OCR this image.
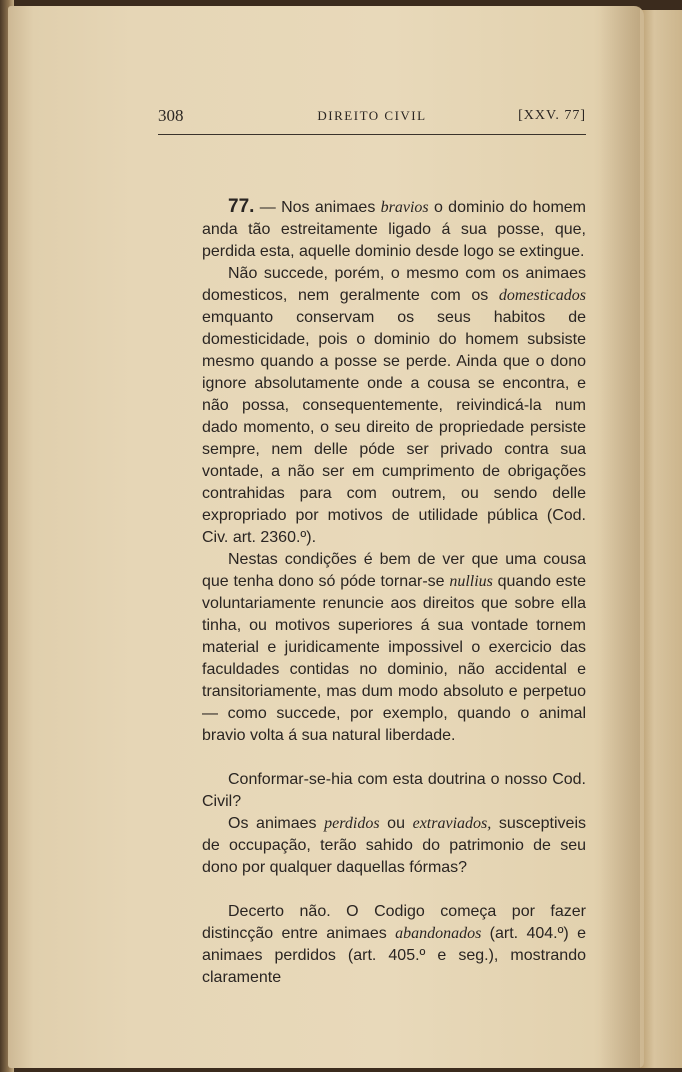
308	DIREITO CIVIL	[XXV. 77]

77. — Nos animaes bravios o dominio do homem anda tão estreitamente ligado á sua posse, que, perdida esta, aquelle dominio desde logo se extingue.

Não succede, porém, o mesmo com os animaes domesticos, nem geralmente com os domesticados emquanto conservam os seus habitos de domesticidade, pois o dominio do homem subsiste mesmo quando a posse se perde. Ainda que o dono ignore absolutamente onde a cousa se encontra, e não possa, consequentemente, reivindicá-la num dado momento, o seu direito de propriedade persiste sempre, nem delle póde ser privado contra sua vontade, a não ser em cumprimento de obrigações contrahidas para com outrem, ou sendo delle expropriado por motivos de utilidade pública (Cod. Civ. art. 2360.º).

Nestas condições é bem de ver que uma cousa que tenha dono só póde tornar-se nullius quando este voluntariamente renuncie aos direitos que sobre ella tinha, ou motivos superiores á sua vontade tornem material e juridicamente impossivel o exercicio das faculdades contidas no dominio, não accidental e transitoriamente, mas dum modo absoluto e perpetuo — como succede, por exemplo, quando o animal bravio volta á sua natural liberdade.

Conformar-se-hia com esta doutrina o nosso Cod. Civil?

Os animaes perdidos ou extraviados, susceptiveis de occupação, terão sahido do patrimonio de seu dono por qualquer daquellas fórmas?

Decerto não. O Codigo começa por fazer distincção entre animaes abandonados (art. 404.º) e animaes perdidos (art. 405.º e seg.), mostrando claramente
